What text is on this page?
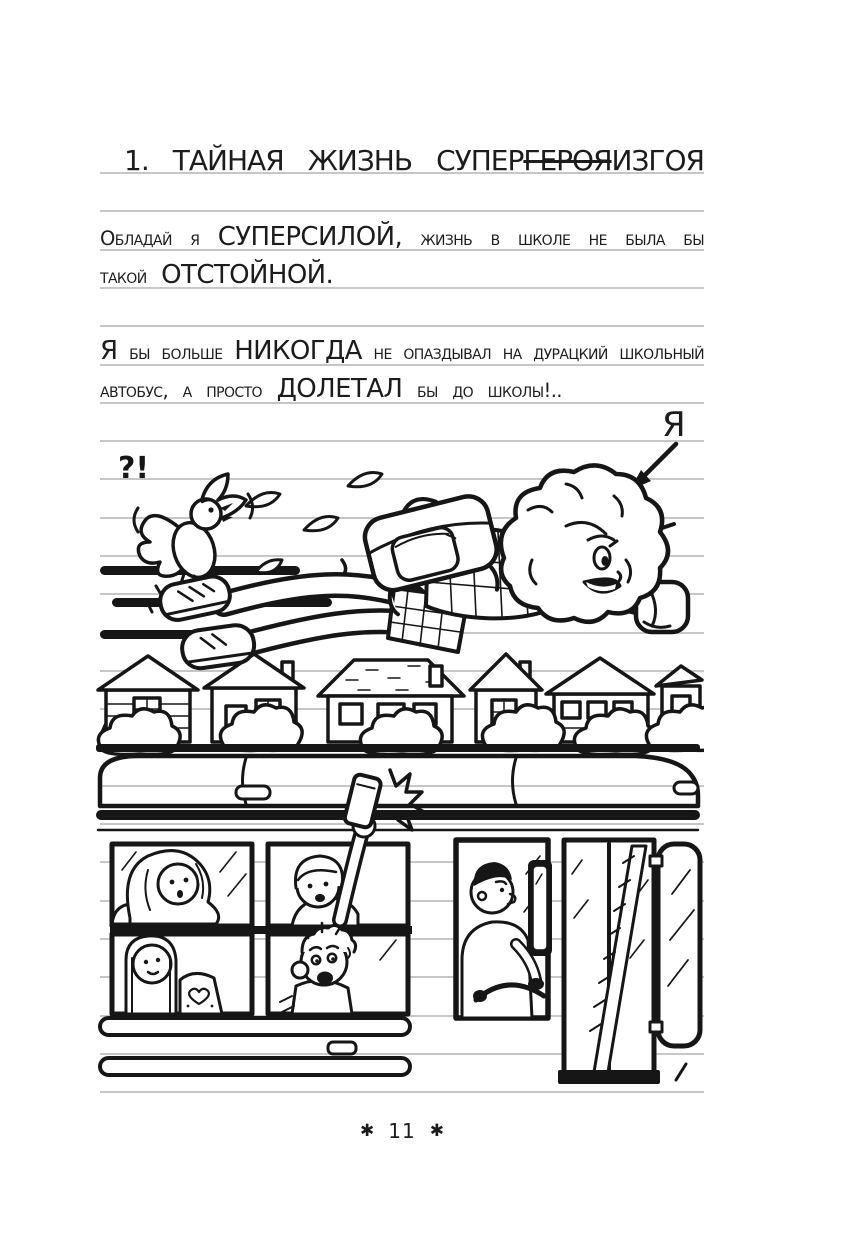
1. ТАЙНАЯ ЖИЗНЬ СУПЕРГЕРОЯИЗГОЯ
Обладай я СУПЕРСИЛОЙ, жизнь в школе не была бы
такой ОТСТОЙНОЙ.
Я бы больше НИКОГДА не опаздывал на дурацкий школьный
автобус, а просто ДОЛЕТАЛ бы до школы!..
Я
?!
✱ 11 ✱
